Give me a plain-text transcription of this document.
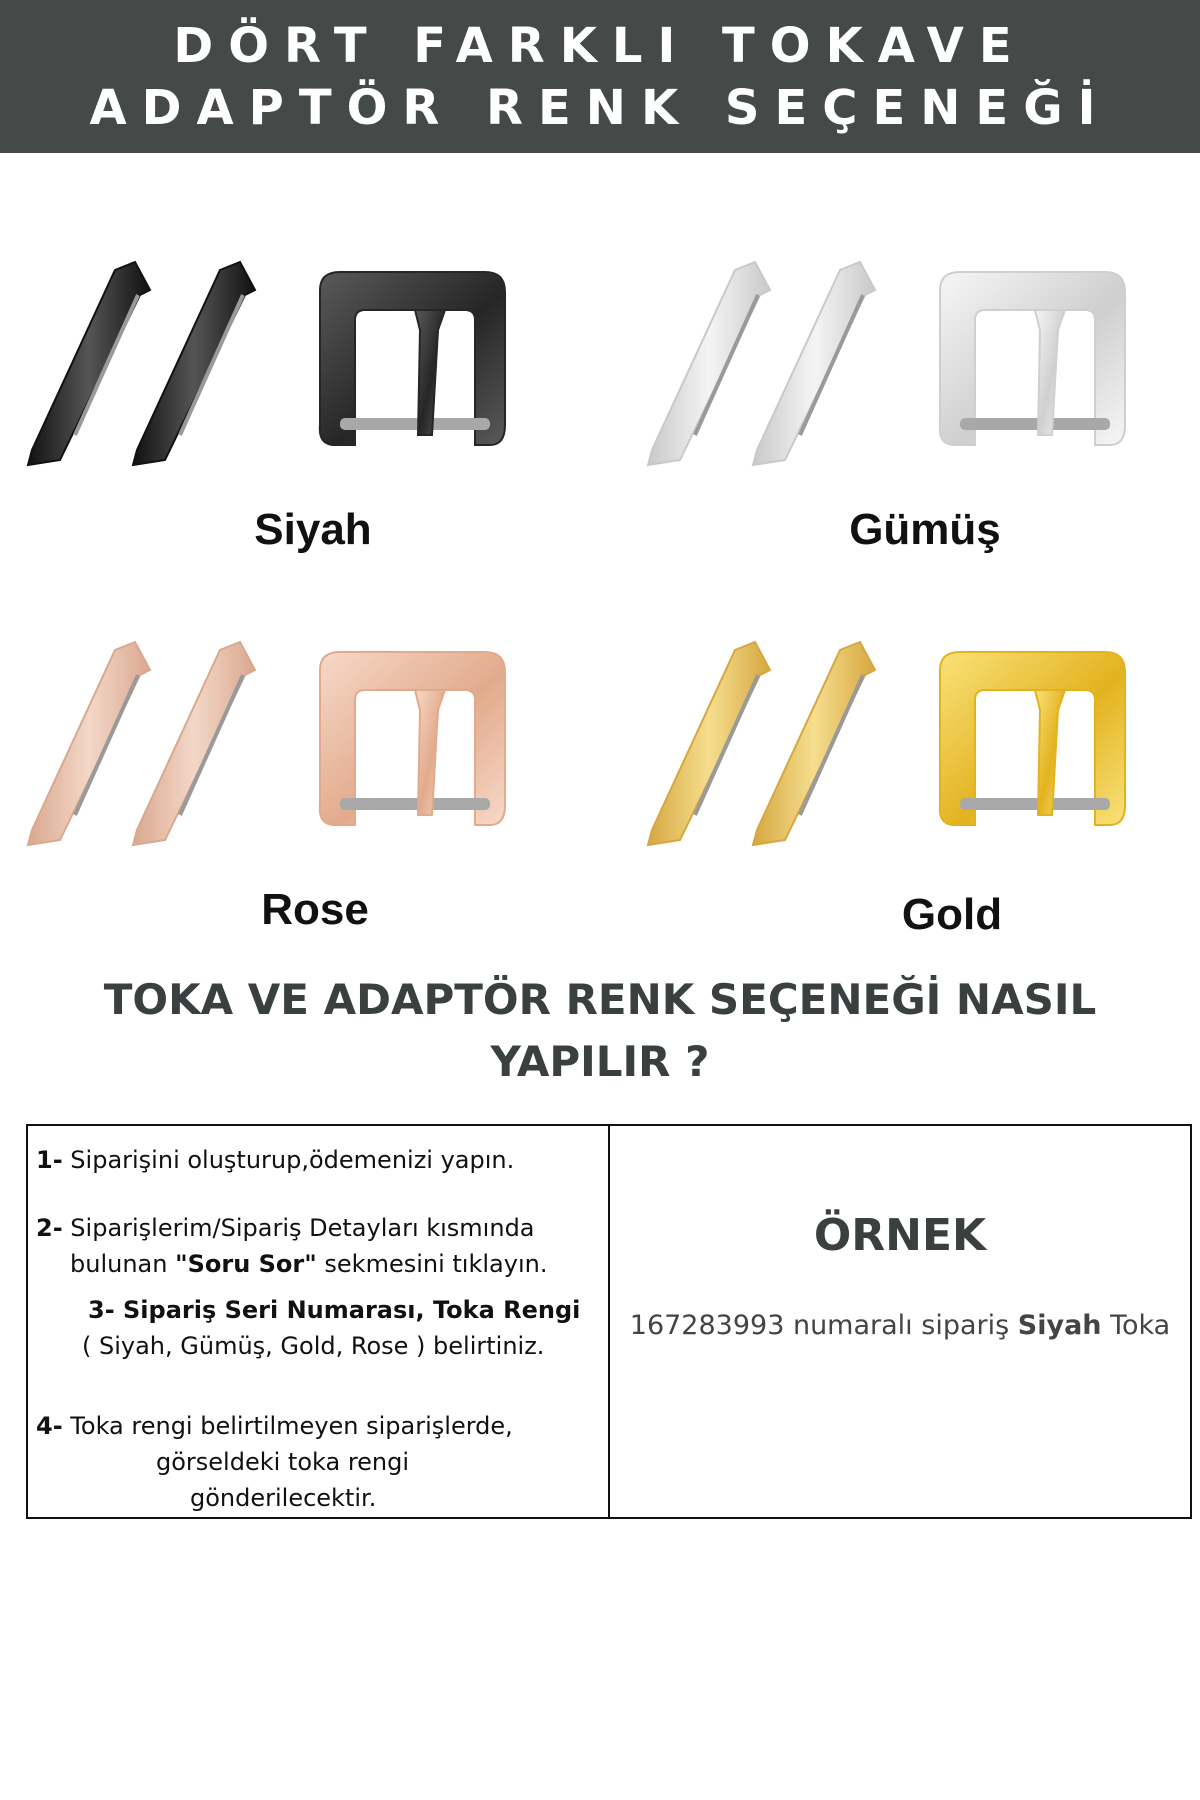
DÖRT FARKLI TOKAVE
ADAPTÖR RENK SEÇENEĞİ
Siyah	Gümüş
Rose	Gold
TOKA VE ADAPTÖR RENK SEÇENEĞİ NASIL
YAPILIR ?
1- Siparişini oluşturup,ödemenizi yapın.
2- Siparişlerim/Sipariş Detayları kısmında
bulunan "Soru Sor" sekmesini tıklayın.
3- Sipariş Seri Numarası, Toka Rengi
( Siyah, Gümüş, Gold, Rose ) belirtiniz.
4- Toka rengi belirtilmeyen siparişlerde,
görseldeki toka rengi
gönderilecektir.
ÖRNEK
167283993 numaralı sipariş Siyah Toka
